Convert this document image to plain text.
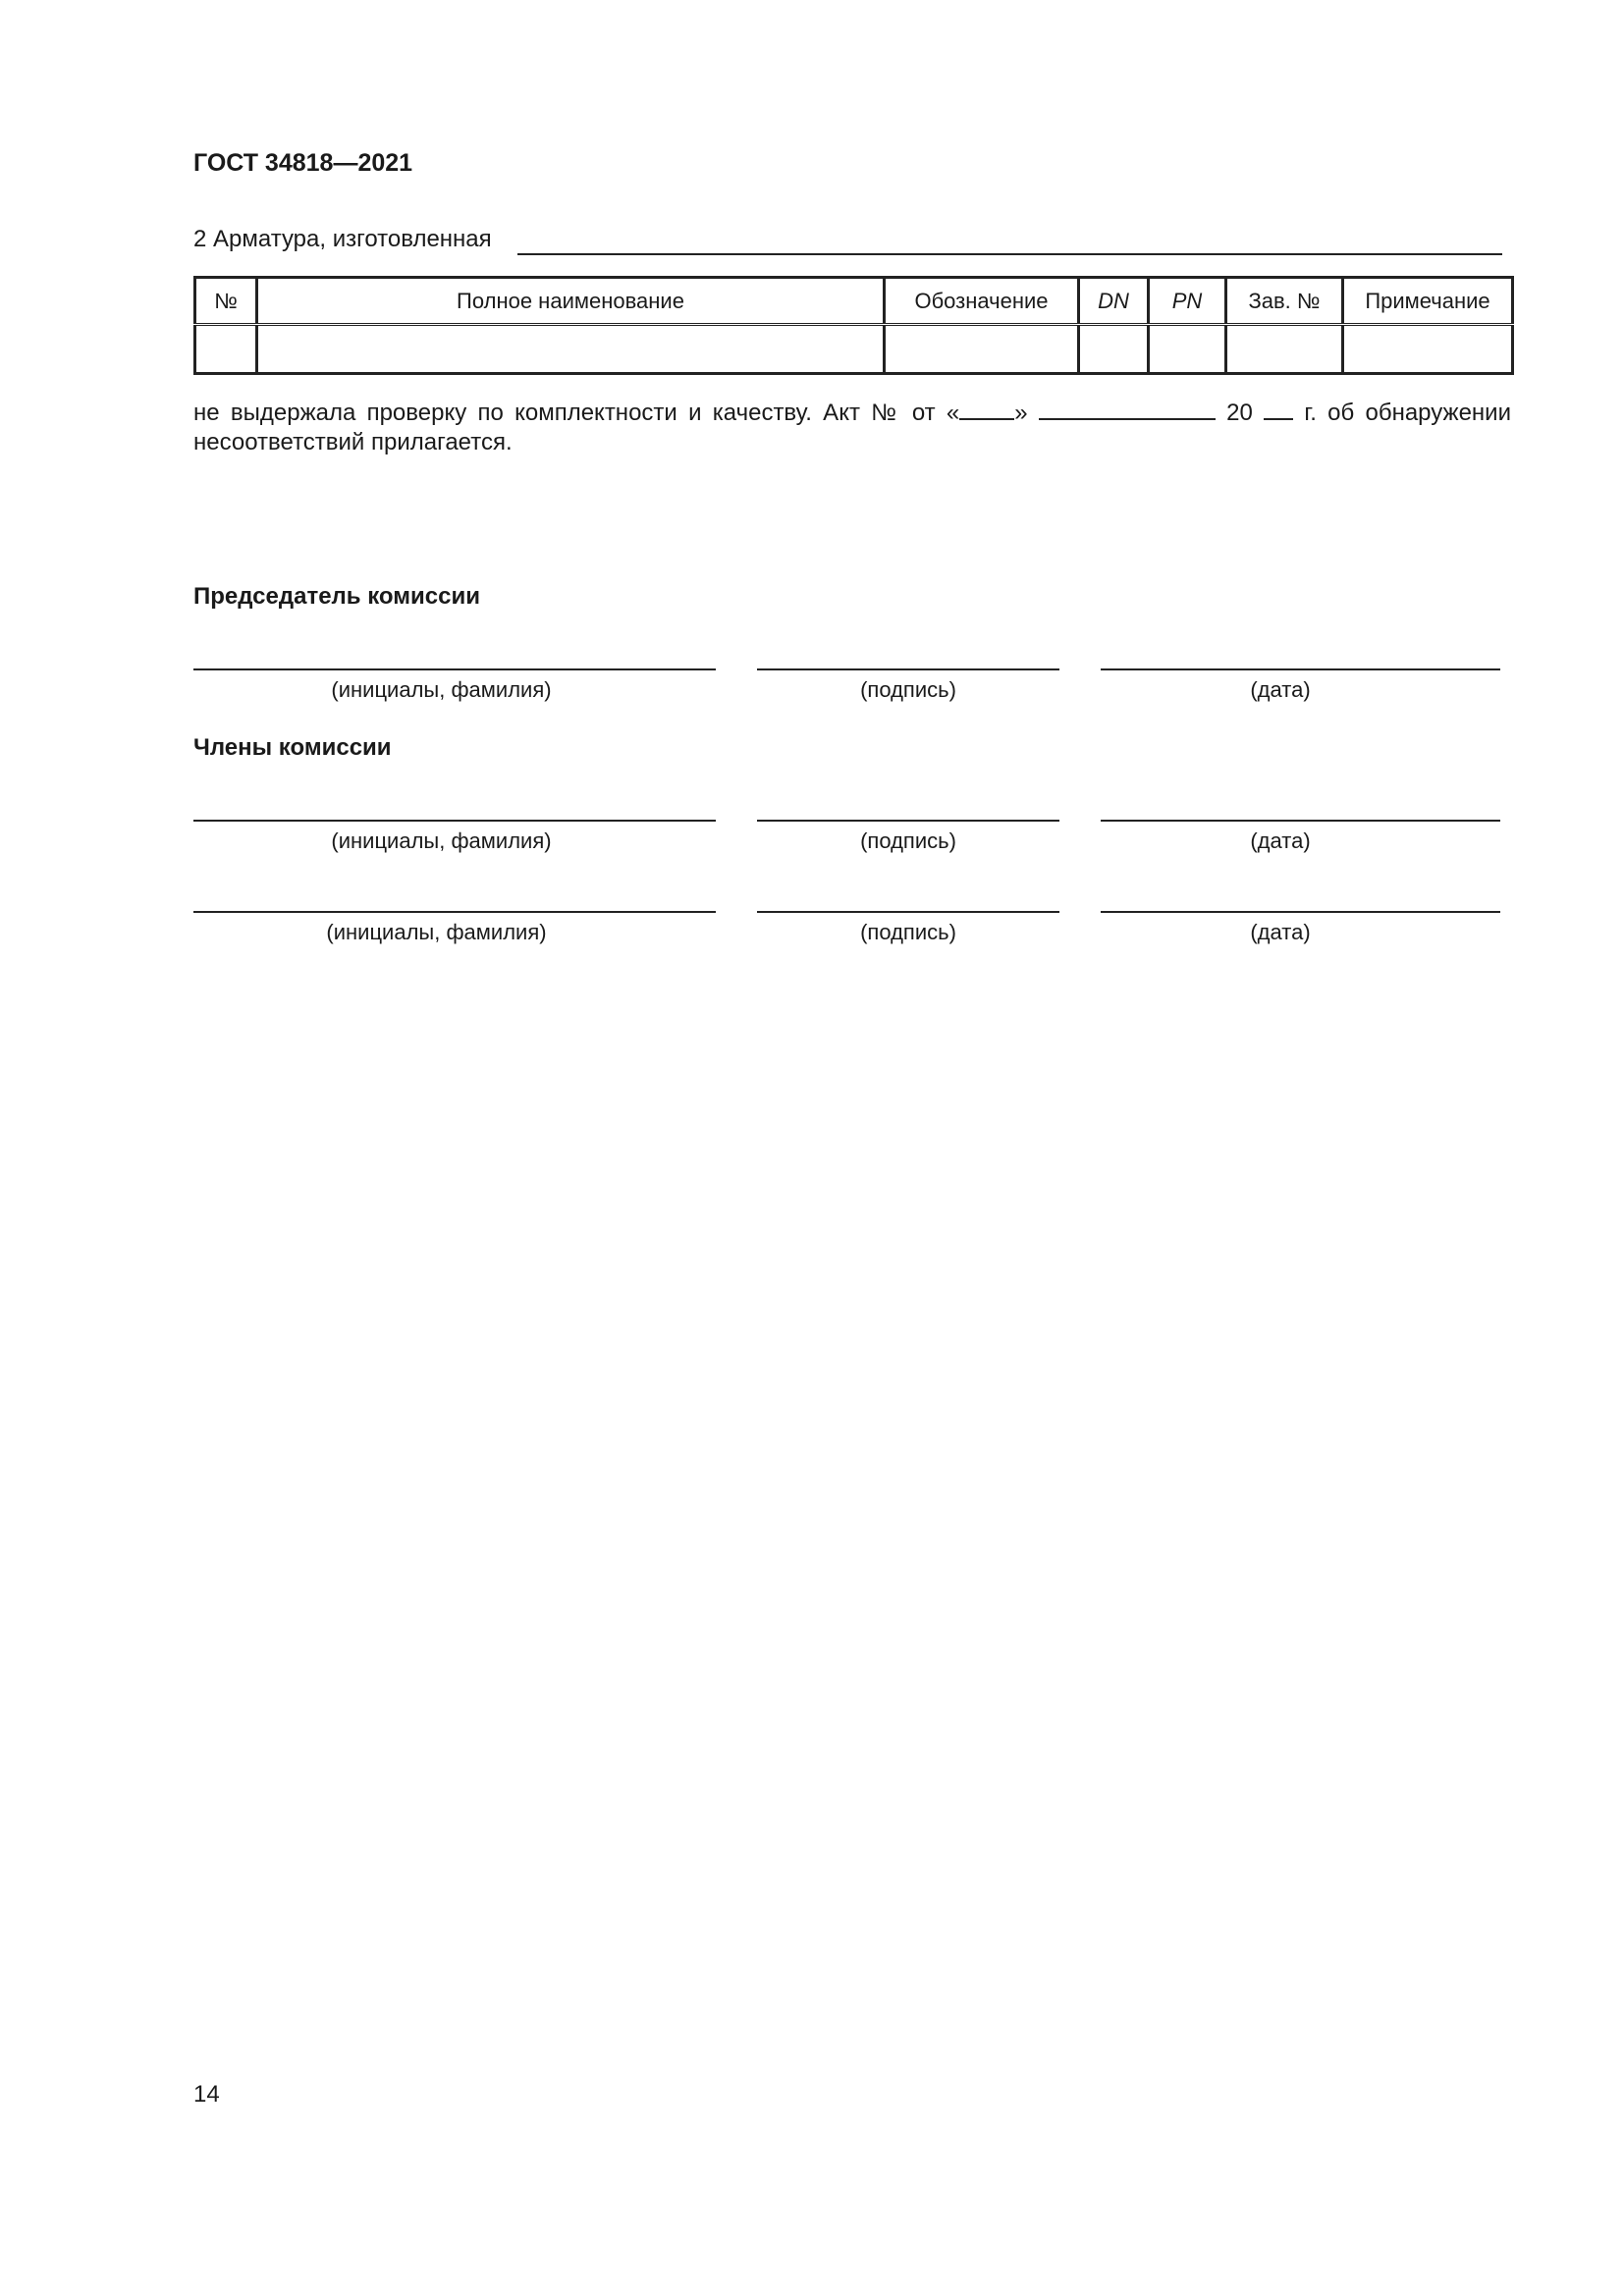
ГОСТ 34818—2021
2 Арматура, изготовленная
№	Полное наименование	Обозначение	DN	PN	Зав. №	Примечание

не выдержала проверку по комплектности и качеству. Акт № от « »	20 г. об обнаружении
несоответствий прилагается.
Председатель комиссии
(инициалы, фамилия)	(подпись)	(дата)
Члены комиссии
(инициалы, фамилия)	(подпись)	(дата)
(инициалы, фамилия)	(подпись)	(дата)
14
